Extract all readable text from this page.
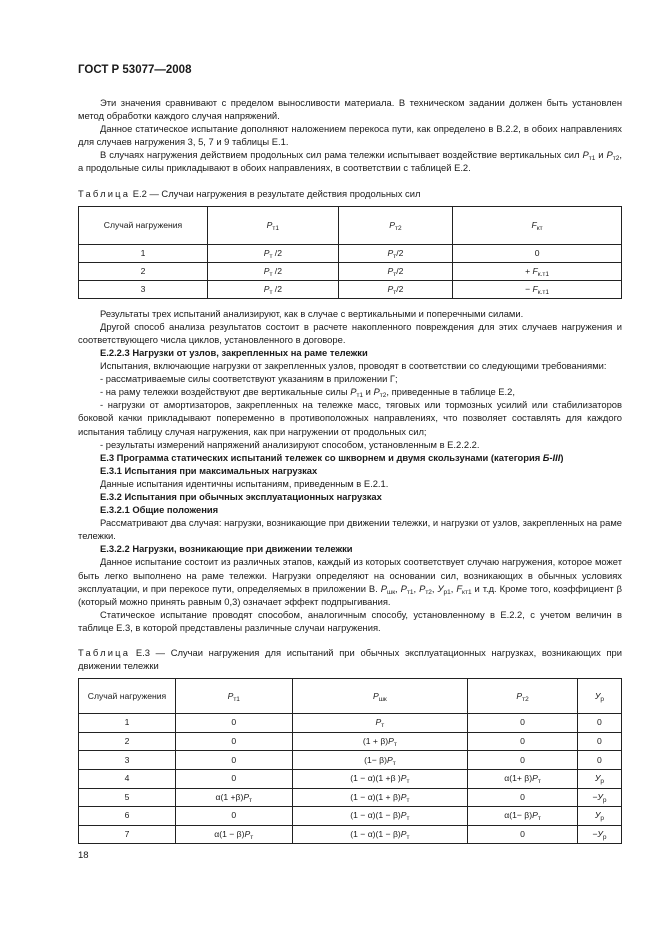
ГОСТ Р 53077—2008

Эти значения сравнивают с пределом выносливости материала. В техническом задании должен быть установлен метод обработки каждого случая напряжений.

Данное статическое испытание дополняют наложением перекоса пути, как определено в В.2.2, в обоих направлениях для случаев нагружения 3, 5, 7 и 9 таблицы Е.1.

В случаях нагружения действием продольных сил рама тележки испытывает воздействие вертикальных сил $P_{т1}$ и $P_{т2}$, а продольные силы прикладывают в обоих направлениях, в соответствии с таблицей Е.2.

Таблица Е.2 — Случаи нагружения в результате действия продольных сил

Случай нагружения	$P_{т1}$	$P_{т2}$	$F_{кт}$
1	$P_т$ /2	$P_т/2$	0
2	$P_т$ /2	$P_т/2$	+ $F_{к.т1}$
3	$P_т$ /2	$P_т/2$	− $F_{к.т1}$

Результаты трех испытаний анализируют, как в случае с вертикальными и поперечными силами.

Другой способ анализа результатов состоит в расчете накопленного повреждения для этих случаев нагружения и соответствующего числа циклов, установленного в договоре.

Е.2.2.3 Нагрузки от узлов, закрепленных на раме тележки

Испытания, включающие нагрузки от закрепленных узлов, проводят в соответствии со следующими требованиями:

- рассматриваемые силы соответствуют указаниям в приложении Г;

- на раму тележки воздействуют две вертикальные силы $P_{т1}$ и $P_{т2}$, приведенные в таблице Е.2,

- нагрузки от амортизаторов, закрепленных на тележке масс, тяговых или тормозных усилий или стабилизаторов боковой качки прикладывают попеременно в противоположных направлениях, что позволяет составлять для каждого испытания таблицу случая нагружения, как при нагружении от продольных сил;

- результаты измерений напряжений анализируют способом, установленным в Е.2.2.2.

Е.3 Программа статических испытаний тележек со шкворнем и двумя скользунами (категория Б-III)

Е.3.1 Испытания при максимальных нагрузках

Данные испытания идентичны испытаниям, приведенным в Е.2.1.

Е.3.2 Испытания при обычных эксплуатационных нагрузках

Е.3.2.1 Общие положения

Рассматривают два случая: нагрузки, возникающие при движении тележки, и нагрузки от узлов, закрепленных на раме тележки.

Е.3.2.2 Нагрузки, возникающие при движении тележки

Данное испытание состоит из различных этапов, каждый из которых соответствует случаю нагружения, которое может быть легко выполнено на раме тележки. Нагрузки определяют на основании сил, возникающих в обычных условиях эксплуатации, и при перекосе пути, определяемых в приложении В. $P_{шк}$, $P_{т1}$, $P_{т2}$, $У_{р1}$, $F_{кт1}$ и т.д. Кроме того, коэффициент β (который можно принять равным 0,3) означает эффект подпрыгивания.

Статическое испытание проводят способом, аналогичным способу, установленному в Е.2.2, с учетом величин в таблице Е.3, в которой представлены различные случаи нагружения.

Таблица Е.3 — Случаи нагружения для испытаний при обычных эксплуатационных нагрузках, возникающих при движении тележки

Случай нагружения	$P_{т1}$	$P_{шк}$	$P_{т2}$	$У_р$
1	0	$P_т$	0	0
2	0	$(1 + \beta)P_т$	0	0
3	0	$(1- \beta)P_т$	0	0
4	0	(1 − α)(1 +β )$P_т$	$\alpha(1+ \beta)P_т$	$У_р$
5	$\alpha(1 +\beta)P_т$	$(1 - \alpha)(1 + \beta)P_т$	0	$-У_р$
6	0	$(1 - \alpha)(1 - \beta)P_т$	$\alpha(1- \beta)P_т$	$У_р$
7	$\alpha(1 - \beta)P_т$	$(1 - \alpha)(1 - \beta)P_т$	0	$-У_р$
18
